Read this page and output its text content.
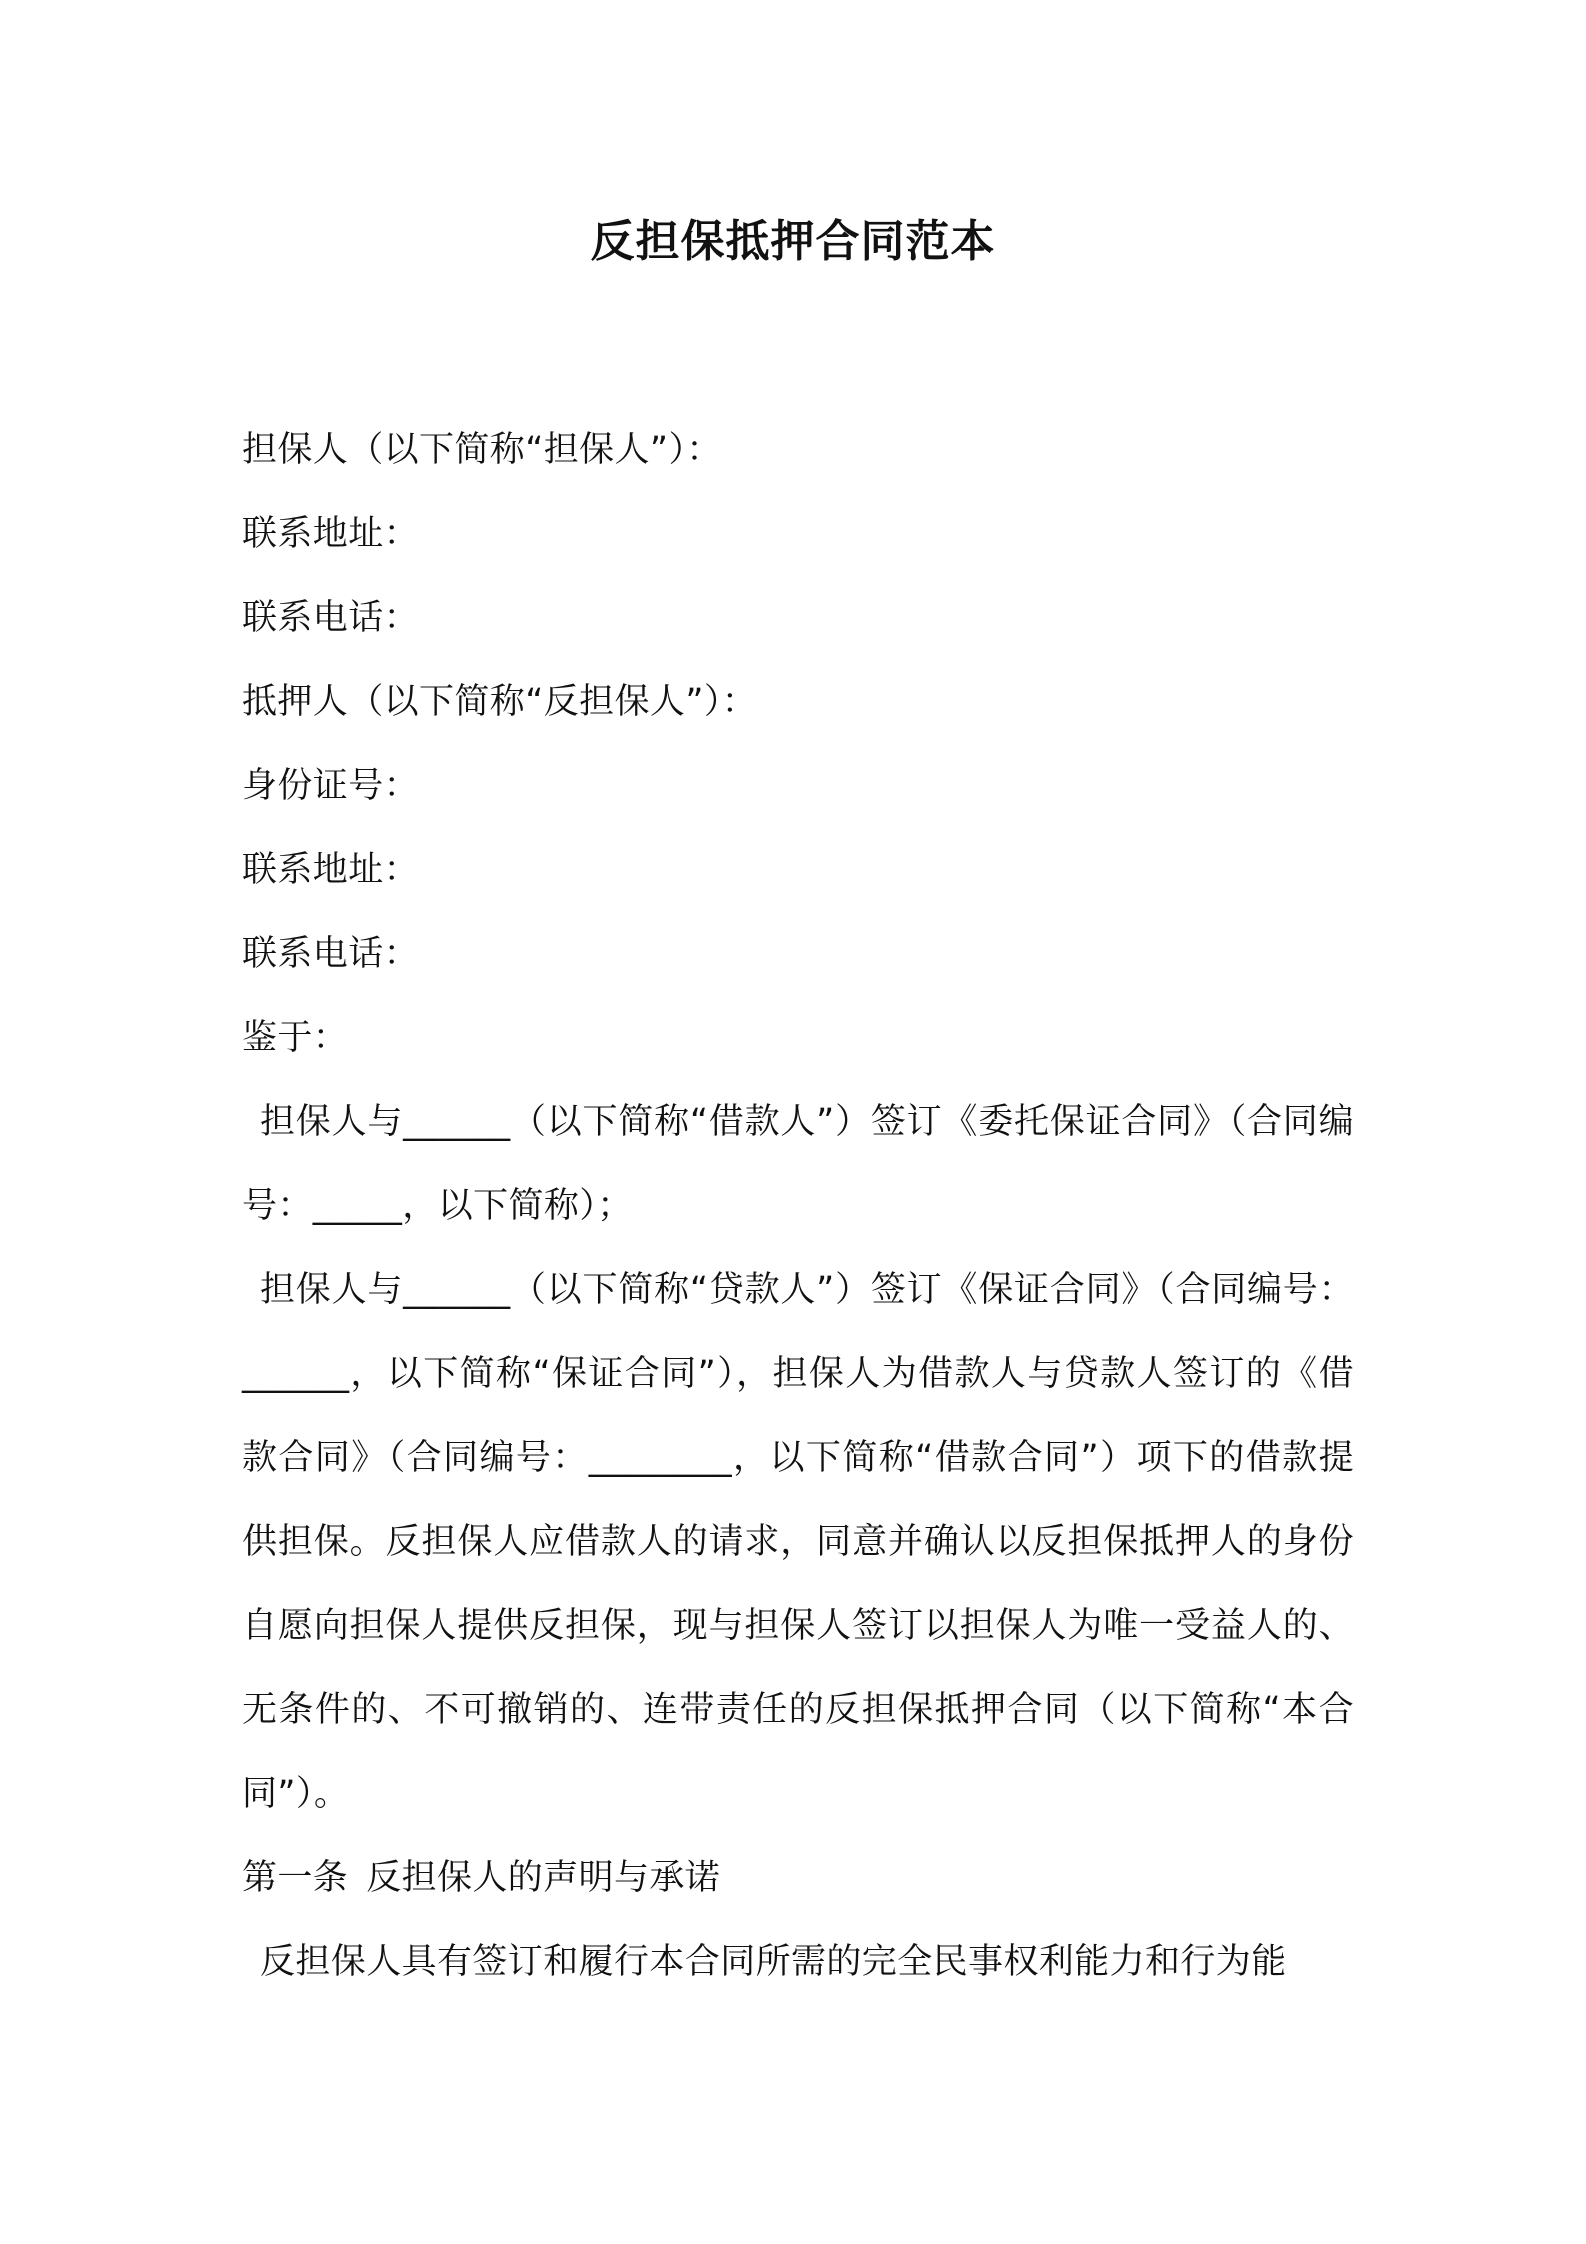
反担保抵押合同范本

担保人（以下简称“担保人”）：

联系地址：

联系电话：

抵押人（以下简称“反担保人”）：

身份证号：

联系地址：

联系电话：

鉴于：

担保人与______（以下简称“借款人”）签订《委托保证合同》（合同编号：_____，以下简称）；

担保人与______（以下简称“贷款人”）签订《保证合同》（合同编号：______，以下简称“保证合同”），担保人为借款人与贷款人签订的《借款合同》（合同编号：________，以下简称“借款合同”）项下的借款提供担保。反担保人应借款人的请求，同意并确认以反担保抵押人的身份自愿向担保人提供反担保，现与担保人签订以担保人为唯一受益人的、无条件的、不可撤销的、连带责任的反担保抵押合同（以下简称“本合同”）。

第一条 反担保人的声明与承诺

反担保人具有签订和履行本合同所需的完全民事权利能力和行为能
